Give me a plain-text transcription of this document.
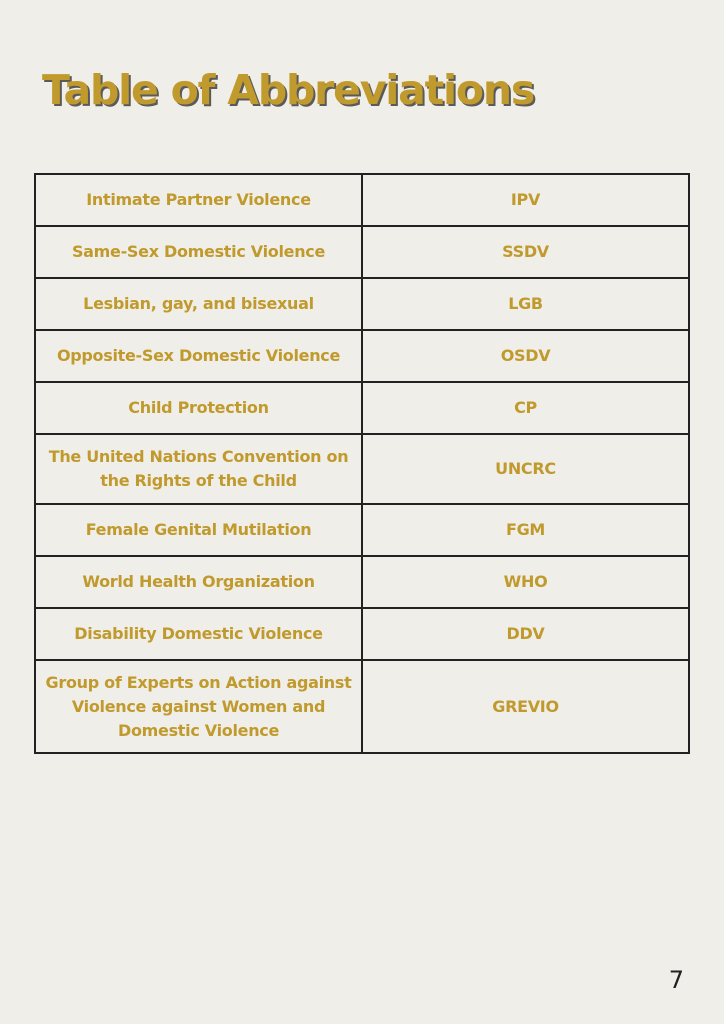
Table of Abbreviations
Intimate Partner Violence	IPV
Same-Sex Domestic Violence	SSDV
Lesbian, gay, and bisexual	LGB
Opposite-Sex Domestic Violence	OSDV
Child Protection	CP
The United Nations Convention on the Rights of the Child	UNCRC
Female Genital Mutilation	FGM
World Health Organization	WHO
Disability Domestic Violence	DDV
Group of Experts on Action against Violence against Women and Domestic Violence	GREVIO
7
